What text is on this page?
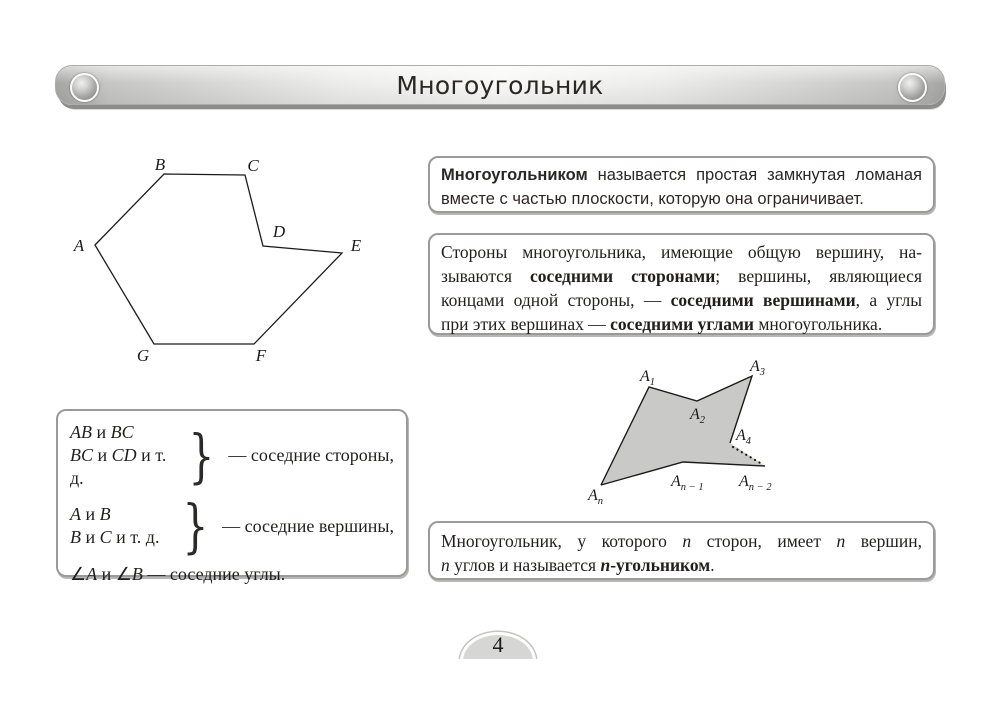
Многоугольник
A
B	C
D
E
F
G
Многоугольником называется простая замкнутая ломаная
вместе с частью плоскости, которую она ограничивает.
Стороны многоугольника, имеющие общую вершину, на-
зываются соседними сторонами; вершины, являющиеся
концами одной стороны, — соседними вершинами, а углы
при этих вершинах — соседними углами многоугольника.
$A_1$
$A_2$
$A_3$
$A_4$
$A_{n - 1}$ $A_{n - 2}$
$A_n$
AB и BC
BC и CD и т. д.	} — соседние стороны,
A и B
B и C и т. д. } — соседние вершины,
∠A и ∠B — соседние углы.
Многоугольник, у которого n сторон, имеет n вершин,
n углов и называется n-угольником.
4
